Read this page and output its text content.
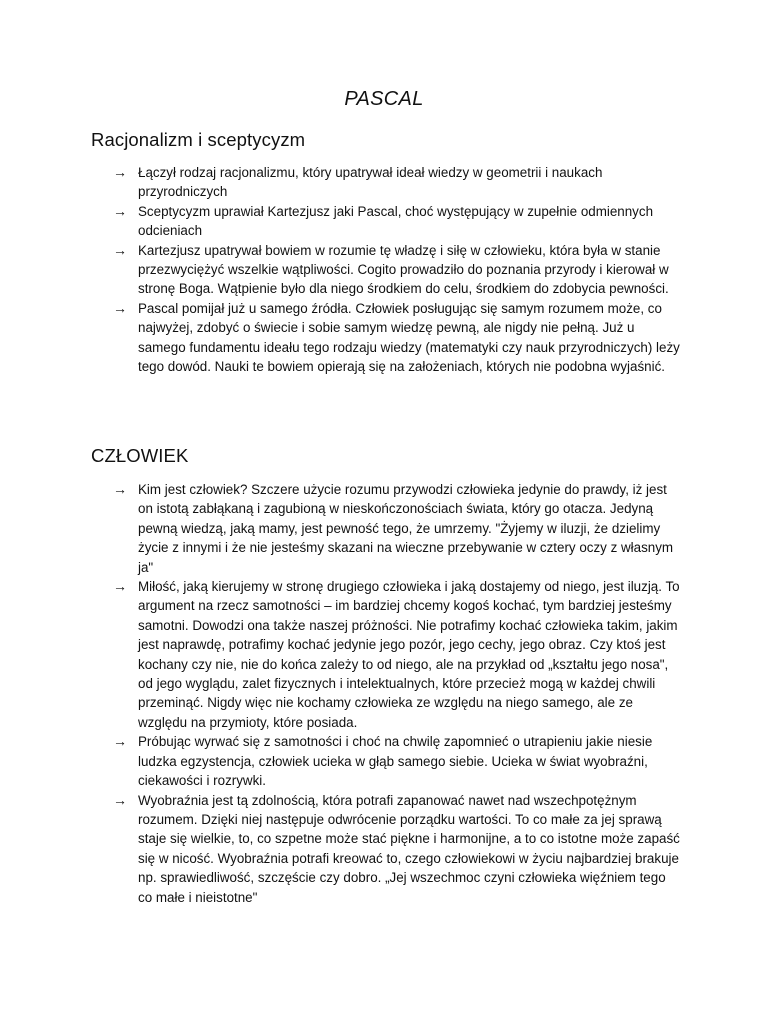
PASCAL
Racjonalizm i sceptycyzm
→ Łączył rodzaj racjonalizmu, który upatrywał ideał wiedzy w geometrii i naukach przyrodniczych
→ Sceptycyzm uprawiał Kartezjusz jaki Pascal, choć występujący w zupełnie odmiennych odcieniach
→ Kartezjusz upatrywał bowiem w rozumie tę władzę i siłę w człowieku, która była w stanie przezwyciężyć wszelkie wątpliwości. Cogito prowadziło do poznania przyrody i kierował w stronę Boga. Wątpienie było dla niego środkiem do celu, środkiem do zdobycia pewności.
→ Pascal pomijał już u samego źródła. Człowiek posługując się samym rozumem może, co najwyżej, zdobyć o świecie i sobie samym wiedzę pewną, ale nigdy nie pełną. Już u samego fundamentu ideału tego rodzaju wiedzy (matematyki czy nauk przyrodniczych) leży tego dowód. Nauki te bowiem opierają się na założeniach, których nie podobna wyjaśnić.
CZŁOWIEK
→ Kim jest człowiek? Szczere użycie rozumu przywodzi człowieka jedynie do prawdy, iż jest on istotą zabłąkaną i zagubioną w nieskończonościach świata, który go otacza. Jedyną pewną wiedzą, jaką mamy, jest pewność tego, że umrzemy. "Żyjemy w iluzji, że dzielimy życie z innymi i że nie jesteśmy skazani na wieczne przebywanie w cztery oczy z własnym ja"
→ Miłość, jaką kierujemy w stronę drugiego człowieka i jaką dostajemy od niego, jest iluzją. To argument na rzecz samotności – im bardziej chcemy kogoś kochać, tym bardziej jesteśmy samotni. Dowodzi ona także naszej próżności. Nie potrafimy kochać człowieka takim, jakim jest naprawdę, potrafimy kochać jedynie jego pozór, jego cechy, jego obraz. Czy ktoś jest kochany czy nie, nie do końca zależy to od niego, ale na przykład od „kształtu jego nosa", od jego wyglądu, zalet fizycznych i intelektualnych, które przecież mogą w każdej chwili przeminąć. Nigdy więc nie kochamy człowieka ze względu na niego samego, ale ze względu na przymioty, które posiada.
→ Próbując wyrwać się z samotności i choć na chwilę zapomnieć o utrapieniu jakie niesie ludzka egzystencja, człowiek ucieka w głąb samego siebie. Ucieka w świat wyobraźni, ciekawości i rozrywki.
→ Wyobraźnia jest tą zdolnością, która potrafi zapanować nawet nad wszechpotężnym rozumem. Dzięki niej następuje odwrócenie porządku wartości. To co małe za jej sprawą staje się wielkie, to, co szpetne może stać piękne i harmonijne, a to co istotne może zapaść się w nicość. Wyobraźnia potrafi kreować to, czego człowiekowi w życiu najbardziej brakuje np. sprawiedliwość, szczęście czy dobro. „Jej wszechmoc czyni człowieka więźniem tego co małe i nieistotne"
